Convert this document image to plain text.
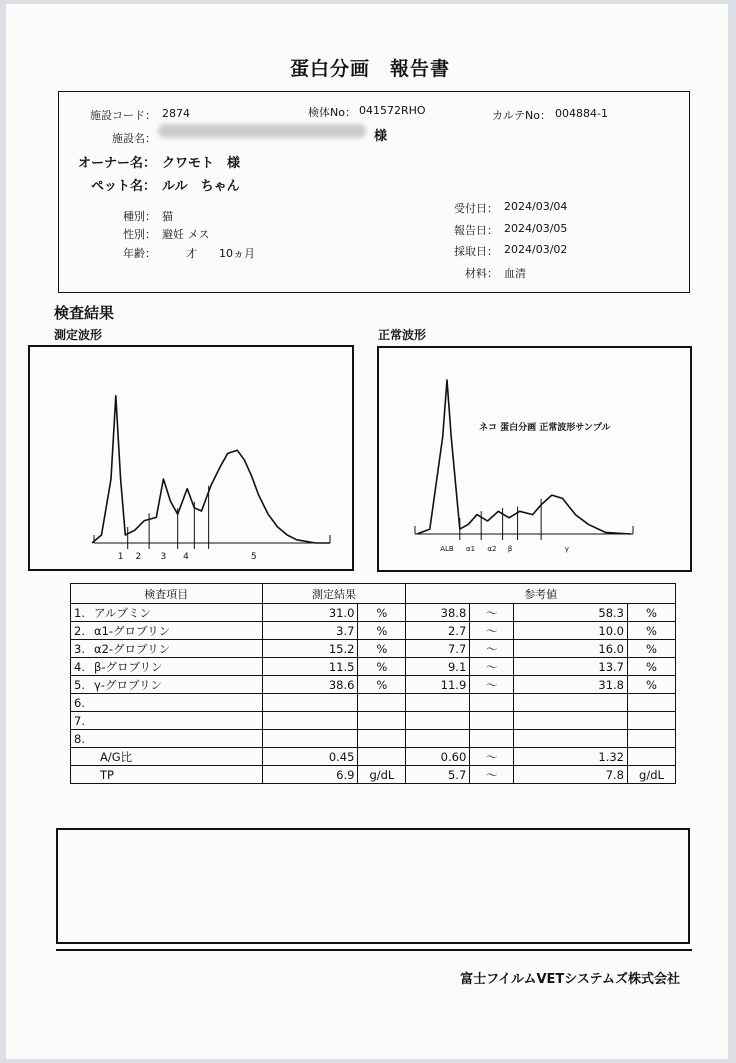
蛋白分画　報告書
施設コード： 2874	検体No： 041572RHO	カルテNo： 004884-1
施設名：	様
オーナー名： クワモト　様
ペット名： ルル　ちゃん
種別： 猫
性別： 避妊 メス
年齢：	才　　10ヵ月
受付日： 2024/03/04
報告日： 2024/03/05
採取日： 2024/03/02
材料： 血清
検査結果
測定波形	正常波形
1 2 3 4	5
ALB α1 α2 β	γ
ネコ 蛋白分画 正常波形サンプル
検査項目	測定結果		参考値			
1. アルブミン	31.0	%	38.8	～	58.3	%
2. α1-グロブリン	3.7	%	2.7	～	10.0	%
3. α2-グロブリン	15.2	%	7.7	～	16.0	%
4. β-グロブリン	11.5	%	9.1	～	13.7	%
5. γ-グロブリン	38.6	%	11.9	～	31.8	%
6.						
7.						
8.						
A/G比	0.45		0.60	～	1.32	
TP	6.9	g/dL	5.7	～	7.8	g/dL
富士フイルムVETシステムズ株式会社
